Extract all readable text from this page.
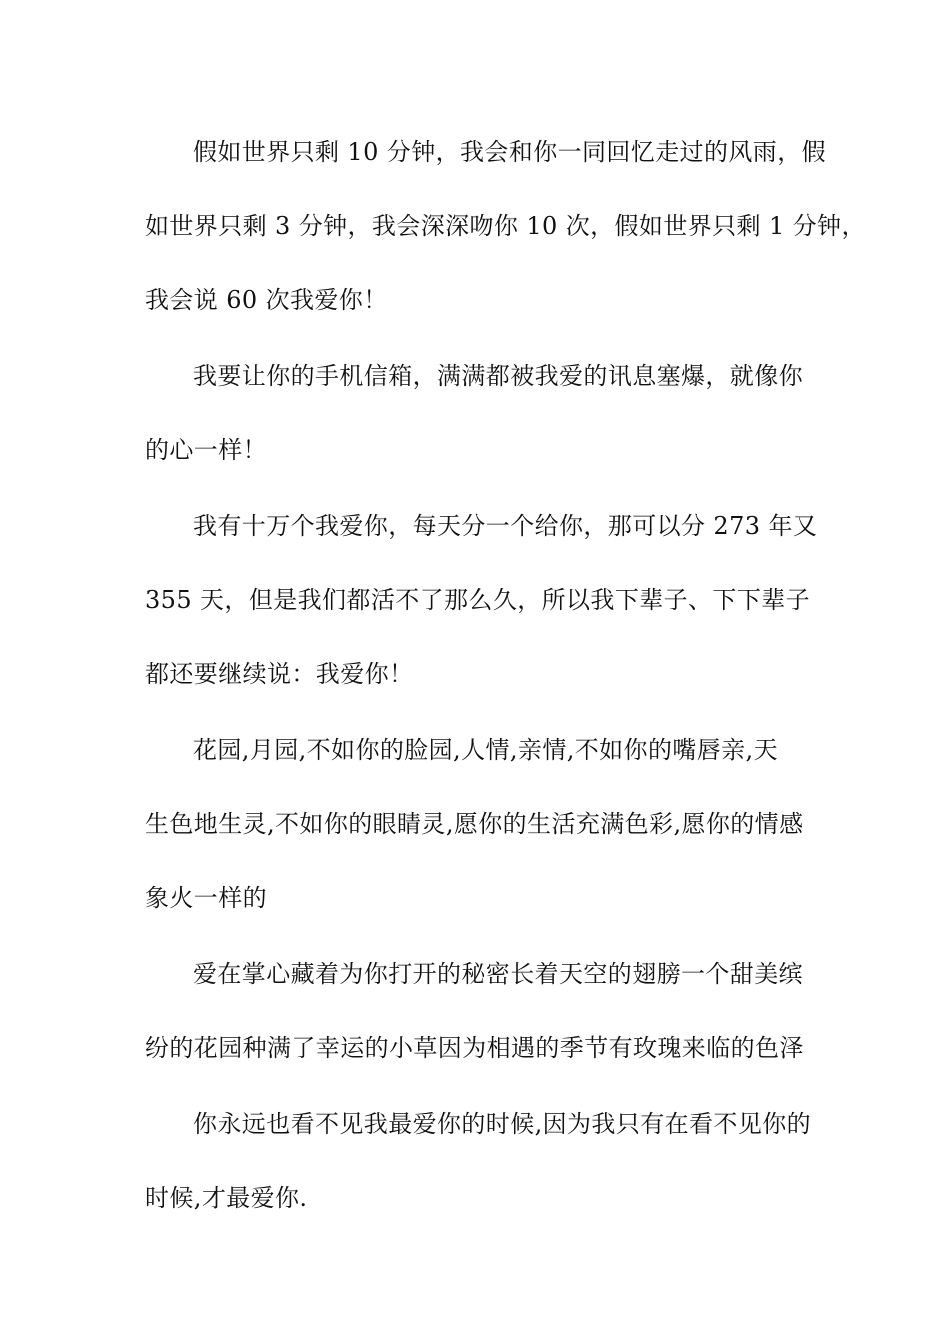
假如世界只剩 10 分钟，我会和你一同回忆走过的风雨，假
如世界只剩 3 分钟，我会深深吻你 10 次，假如世界只剩 1 分钟，
我会说 60 次我爱你！
我要让你的手机信箱，满满都被我爱的讯息塞爆，就像你
的心一样！
我有十万个我爱你，每天分一个给你，那可以分 273 年又
355 天，但是我们都活不了那么久，所以我下辈子、下下辈子
都还要继续说：我爱你！
花园,月园,不如你的脸园,人情,亲情,不如你的嘴唇亲,天
生色地生灵,不如你的眼睛灵,愿你的生活充满色彩,愿你的情感
象火一样的
爱在掌心藏着为你打开的秘密长着天空的翅膀一个甜美缤
纷的花园种满了幸运的小草因为相遇的季节有玫瑰来临的色泽
你永远也看不见我最爱你的时候,因为我只有在看不见你的
时候,才最爱你.
